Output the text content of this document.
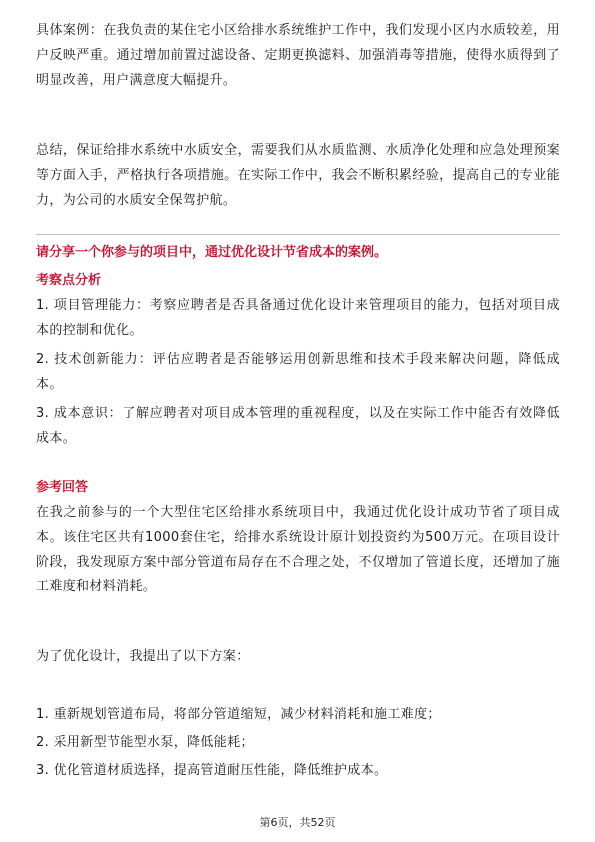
具体案例：在我负责的某住宅小区给排水系统维护工作中，我们发现小区内水质较差，用户反映严重。通过增加前置过滤设备、定期更换滤料、加强消毒等措施，使得水质得到了明显改善，用户满意度大幅提升。

总结，保证给排水系统中水质安全，需要我们从水质监测、水质净化处理和应急处理预案等方面入手，严格执行各项措施。在实际工作中，我会不断积累经验，提高自己的专业能力，为公司的水质安全保驾护航。

请分享一个你参与的项目中，通过优化设计节省成本的案例。

考察点分析

1. 项目管理能力：考察应聘者是否具备通过优化设计来管理项目的能力，包括对项目成本的控制和优化。

2. 技术创新能力：评估应聘者是否能够运用创新思维和技术手段来解决问题，降低成本。

3. 成本意识：了解应聘者对项目成本管理的重视程度，以及在实际工作中能否有效降低成本。

参考回答

在我之前参与的一个大型住宅区给排水系统项目中，我通过优化设计成功节省了项目成本。该住宅区共有1000套住宅，给排水系统设计原计划投资约为500万元。在项目设计阶段，我发现原方案中部分管道布局存在不合理之处，不仅增加了管道长度，还增加了施工难度和材料消耗。

为了优化设计，我提出了以下方案：

1. 重新规划管道布局，将部分管道缩短，减少材料消耗和施工难度；

2. 采用新型节能型水泵，降低能耗；

3. 优化管道材质选择，提高管道耐压性能，降低维护成本。

第6页，共52页
